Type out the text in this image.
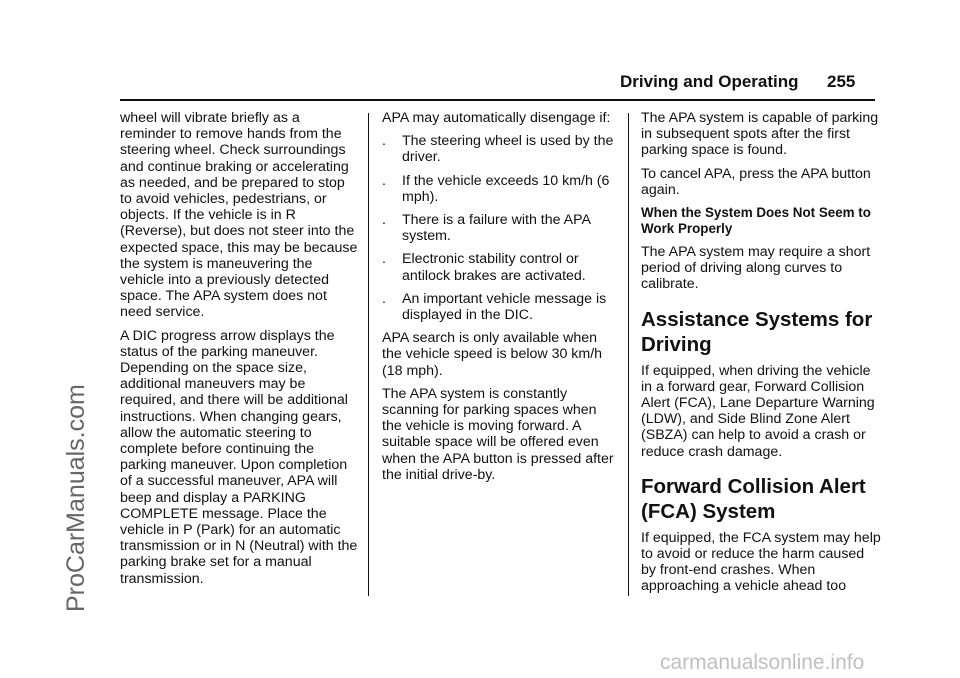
Driving and Operating 255

wheel will vibrate briefly as a reminder to remove hands from the steering wheel. Check surroundings and continue braking or accelerating as needed, and be prepared to stop to avoid vehicles, pedestrians, or objects. If the vehicle is in R (Reverse), but does not steer into the expected space, this may be because the system is maneuvering the vehicle into a previously detected space. The APA system does not need service.

A DIC progress arrow displays the status of the parking maneuver. Depending on the space size, additional maneuvers may be required, and there will be additional instructions. When changing gears, allow the automatic steering to complete before continuing the parking maneuver. Upon completion of a successful maneuver, APA will beep and display a PARKING COMPLETE message. Place the vehicle in P (Park) for an automatic transmission or in N (Neutral) with the parking brake set for a manual transmission.

APA may automatically disengage if:

. The steering wheel is used by the driver.
. If the vehicle exceeds 10 km/h (6 mph).
. There is a failure with the APA system.
. Electronic stability control or antilock brakes are activated.
. An important vehicle message is displayed in the DIC.

APA search is only available when the vehicle speed is below 30 km/h (18 mph).

The APA system is constantly scanning for parking spaces when the vehicle is moving forward. A suitable space will be offered even when the APA button is pressed after the initial drive-by.

The APA system is capable of parking in subsequent spots after the first parking space is found.

To cancel APA, press the APA button again.

When the System Does Not Seem to Work Properly

The APA system may require a short period of driving along curves to calibrate.

Assistance Systems for Driving

If equipped, when driving the vehicle in a forward gear, Forward Collision Alert (FCA), Lane Departure Warning (LDW), and Side Blind Zone Alert (SBZA) can help to avoid a crash or reduce crash damage.

Forward Collision Alert (FCA) System

If equipped, the FCA system may help to avoid or reduce the harm caused by front-end crashes. When approaching a vehicle ahead too

ProCarManuals.com
carmanualsonline.info
